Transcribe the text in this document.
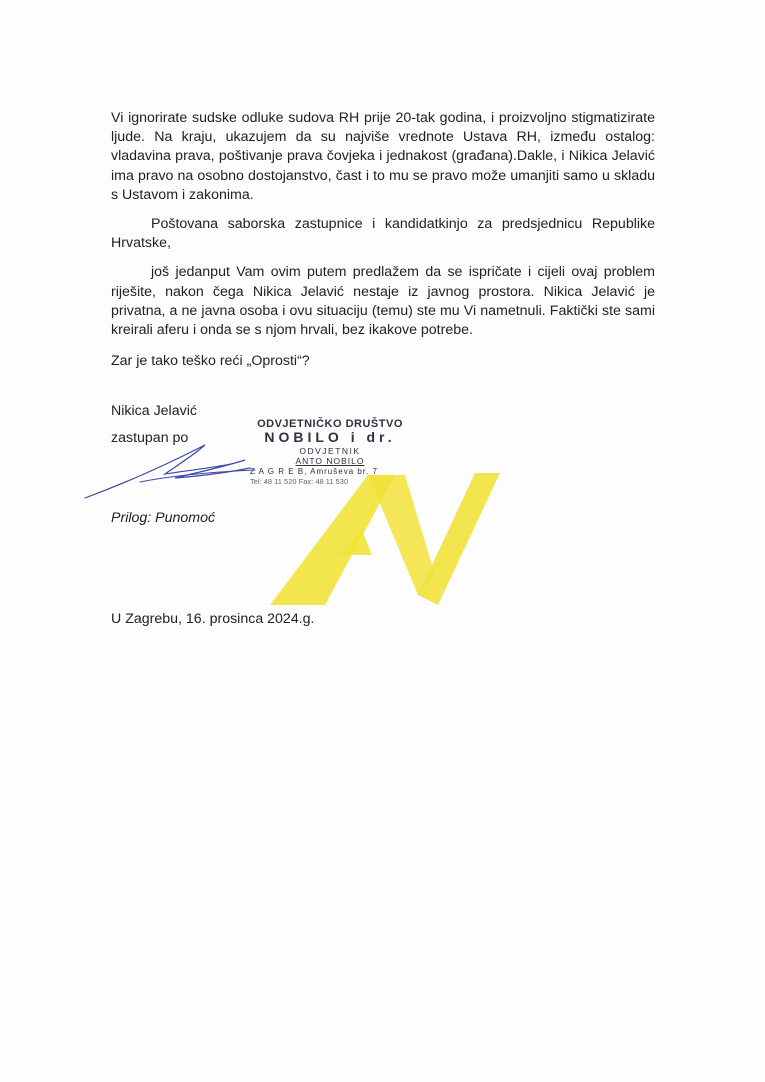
Vi ignorirate sudske odluke sudova RH prije 20-tak godina, i proizvoljno stigmatizirate ljude. Na kraju, ukazujem da su najviše vrednote Ustava RH, između ostalog: vladavina prava, poštivanje prava čovjeka i jednakost (građana).Dakle, i Nikica Jelavić ima pravo na osobno dostojanstvo, čast i to mu se pravo može umanjiti samo u skladu s Ustavom i zakonima.

Poštovana saborska zastupnice i kandidatkinjo za predsjednicu Republike Hrvatske,

još jedanput Vam ovim putem predlažem da se ispričate i cijeli ovaj problem riješite, nakon čega Nikica Jelavić nestaje iz javnog prostora. Nikica Jelavić je privatna, a ne javna osoba i ovu situaciju (temu) ste mu Vi nametnuli. Faktički ste sami kreirali aferu i onda se s njom hrvali, bez ikakove potrebe.

Zar je tako teško reći „Oprosti“?

Nikica Jelavić
zastupan po
ODVJETNIČKO DRUŠTVO
NOBILO i dr.
ODVJETNIK
ANTO NOBILO
Z A G R E B, Amruševa br. 7
Tel: 48 11 520 Fax: 48 11 530
Prilog: Punomoć
U Zagrebu, 16. prosinca 2024.g.
